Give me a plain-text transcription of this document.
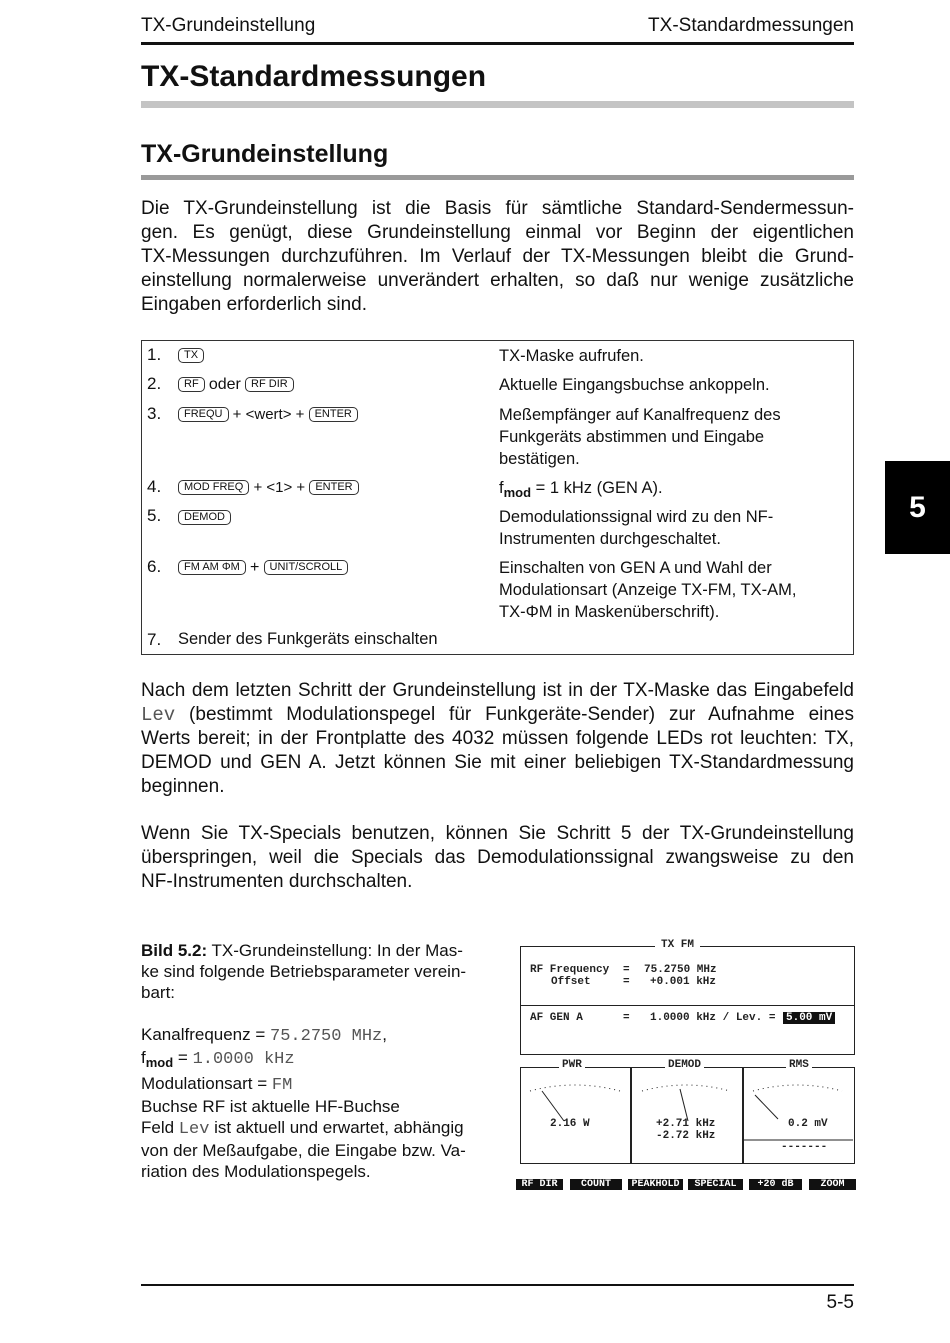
TX-Grundeinstellung	TX-Standardmessungen
TX-Standardmessungen
TX-Grundeinstellung
Die TX-Grundeinstellung ist die Basis für sämtliche Standard-Sendermessun-
gen. Es genügt, diese Grundeinstellung einmal vor Beginn der eigentlichen
TX-Messungen durchzuführen. Im Verlauf der TX-Messungen bleibt die Grund-
einstellung normalerweise unverändert erhalten, so daß nur wenige zusätzliche
Eingaben erforderlich sind.
1.	TX	TX-Maske aufrufen.
2.	RF oder RF DIR	Aktuelle Eingangsbuchse ankoppeln.
3.	FREQU + <wert> + ENTER	Meßempfänger auf Kanalfrequenz des
Funkgeräts abstimmen und Eingabe
bestätigen.
4.	MOD FREQ + <1> + ENTER	$f_{mod} = 1$ kHz (GEN A).
5.	DEMOD	Demodulationssignal wird zu den NF-
Instrumenten durchgeschaltet.
6.	FM AM ΦM + UNIT/SCROLL	Einschalten von GEN A und Wahl der
Modulationsart (Anzeige TX-FM, TX-AM,
TX-ΦM in Maskenüberschrift).
7. Sender des Funkgeräts einschalten
5
Nach dem letzten Schritt der Grundeinstellung ist in der TX-Maske das Eingabefeld
Lev (bestimmt Modulationspegel für Funkgeräte-Sender) zur Aufnahme eines
Werts bereit; in der Frontplatte des 4032 müssen folgende LEDs rot leuchten: TX,
DEMOD und GEN A. Jetzt können Sie mit einer beliebigen TX-Standardmessung
beginnen.
Wenn Sie TX-Specials benutzen, können Sie Schritt 5 der TX-Grundeinstellung
überspringen, weil die Specials das Demodulationssignal zwangsweise zu den
NF-Instrumenten durchschalten.
Bild 5.2: TX-Grundeinstellung: In der Mas-
ke sind folgende Betriebsparameter verein-
bart:
Kanalfrequenz = 75.2750 MHz,
$f_{mod} = 1.0000$ kHz
Modulationsart = FM
Buchse RF ist aktuelle HF-Buchse
Feld Lev ist aktuell und erwartet, abhängig
von der Meßaufgabe, die Eingabe bzw. Va-
riation des Modulationspegels.
TX FM
RF Frequency = 75.2750 MHz
Offset	= +0.001 kHz
AF GEN A	= 1.0000 kHz / Lev. = 5.00 mV
PWR	DEMOD	RMS
2.16 W	+2.71 kHz
-2.72 kHz
0.2 mV
-------
RF DIR	COUNT	PEAKHOLD	SPECIAL	+20 dB	ZOOM
5-5
